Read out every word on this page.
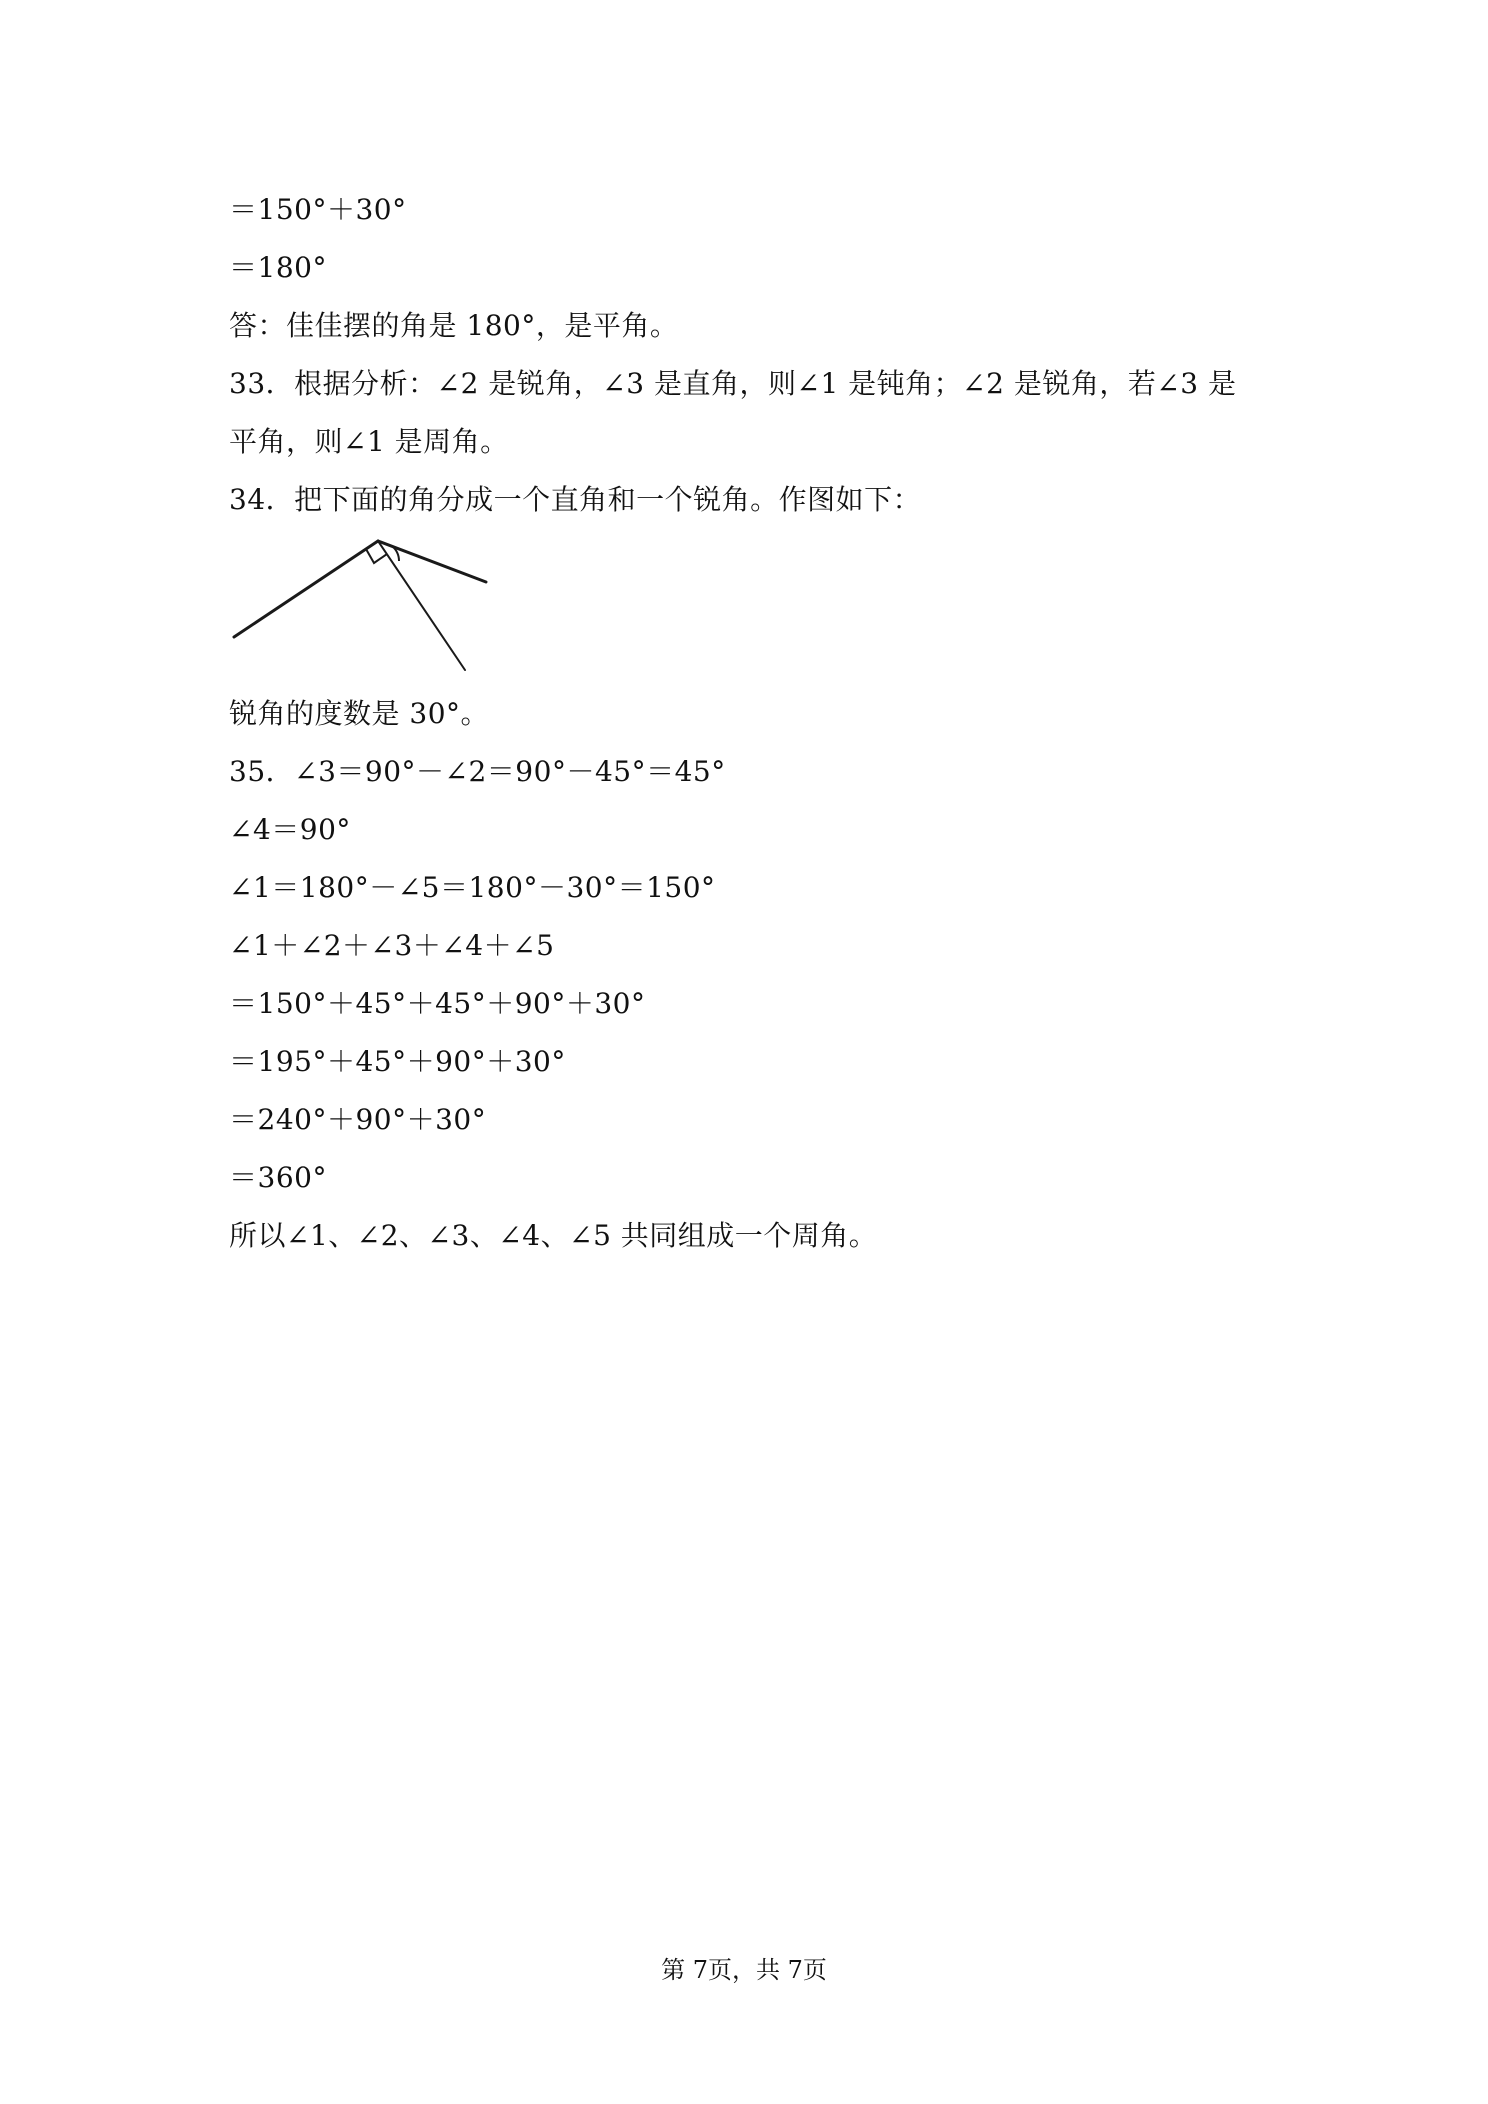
＝150°＋30°
＝180°
答：佳佳摆的角是 180°，是平角。
33．根据分析：∠2 是锐角，∠3 是直角，则∠1 是钝角；∠2 是锐角，若∠3 是
平角，则∠1 是周角。
34．把下面的角分成一个直角和一个锐角。作图如下：
锐角的度数是 30°。
35．∠3＝90°－∠2＝90°－45°＝45°
∠4＝90°
∠1＝180°－∠5＝180°－30°＝150°
∠1＋∠2＋∠3＋∠4＋∠5
＝150°＋45°＋45°＋90°＋30°
＝195°＋45°＋90°＋30°
＝240°＋90°＋30°
＝360°
所以∠1、∠2、∠3、∠4、∠5 共同组成一个周角。
第 7页，共 7页
